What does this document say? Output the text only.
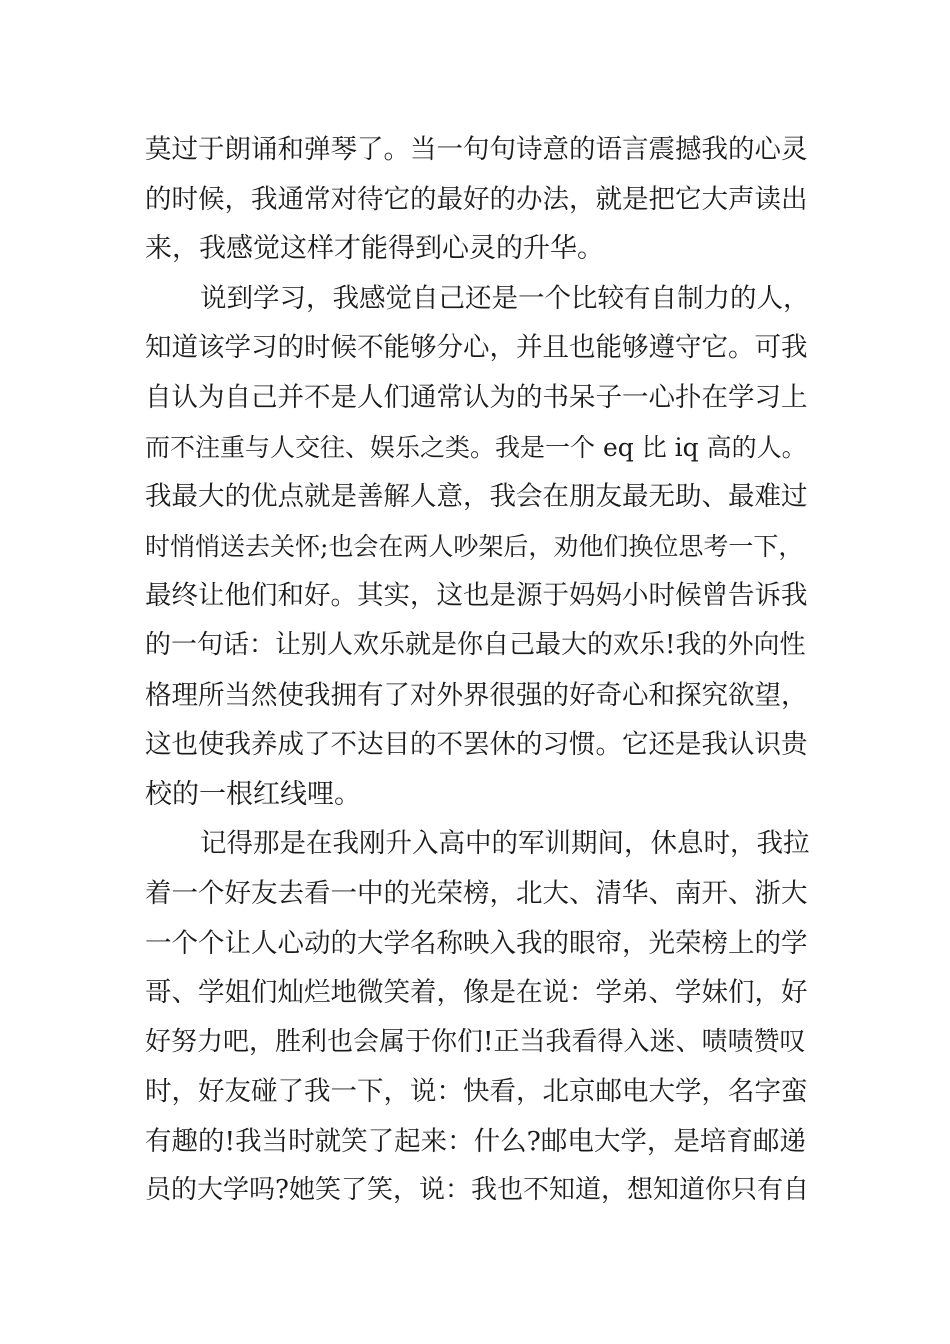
莫过于朗诵和弹琴了。当一句句诗意的语言震撼我的心灵
的时候，我通常对待它的最好的办法，就是把它大声读出
来，我感觉这样才能得到心灵的升华。
说到学习，我感觉自己还是一个比较有自制力的人，
知道该学习的时候不能够分心，并且也能够遵守它。可我
自认为自己并不是人们通常认为的书呆子一心扑在学习上
而不注重与人交往、娱乐之类。我是一个 eq 比 iq 高的人。
我最大的优点就是善解人意，我会在朋友最无助、最难过
时悄悄送去关怀;也会在两人吵架后，劝他们换位思考一下，
最终让他们和好。其实，这也是源于妈妈小时候曾告诉我
的一句话：让别人欢乐就是你自己最大的欢乐!我的外向性
格理所当然使我拥有了对外界很强的好奇心和探究欲望，
这也使我养成了不达目的不罢休的习惯。它还是我认识贵
校的一根红线哩。
记得那是在我刚升入高中的军训期间，休息时，我拉
着一个好友去看一中的光荣榜，北大、清华、南开、浙大
一个个让人心动的大学名称映入我的眼帘，光荣榜上的学
哥、学姐们灿烂地微笑着，像是在说：学弟、学妹们，好
好努力吧，胜利也会属于你们!正当我看得入迷、啧啧赞叹
时，好友碰了我一下，说：快看，北京邮电大学，名字蛮
有趣的!我当时就笑了起来：什么?邮电大学，是培育邮递
员的大学吗?她笑了笑，说：我也不知道，想知道你只有自
